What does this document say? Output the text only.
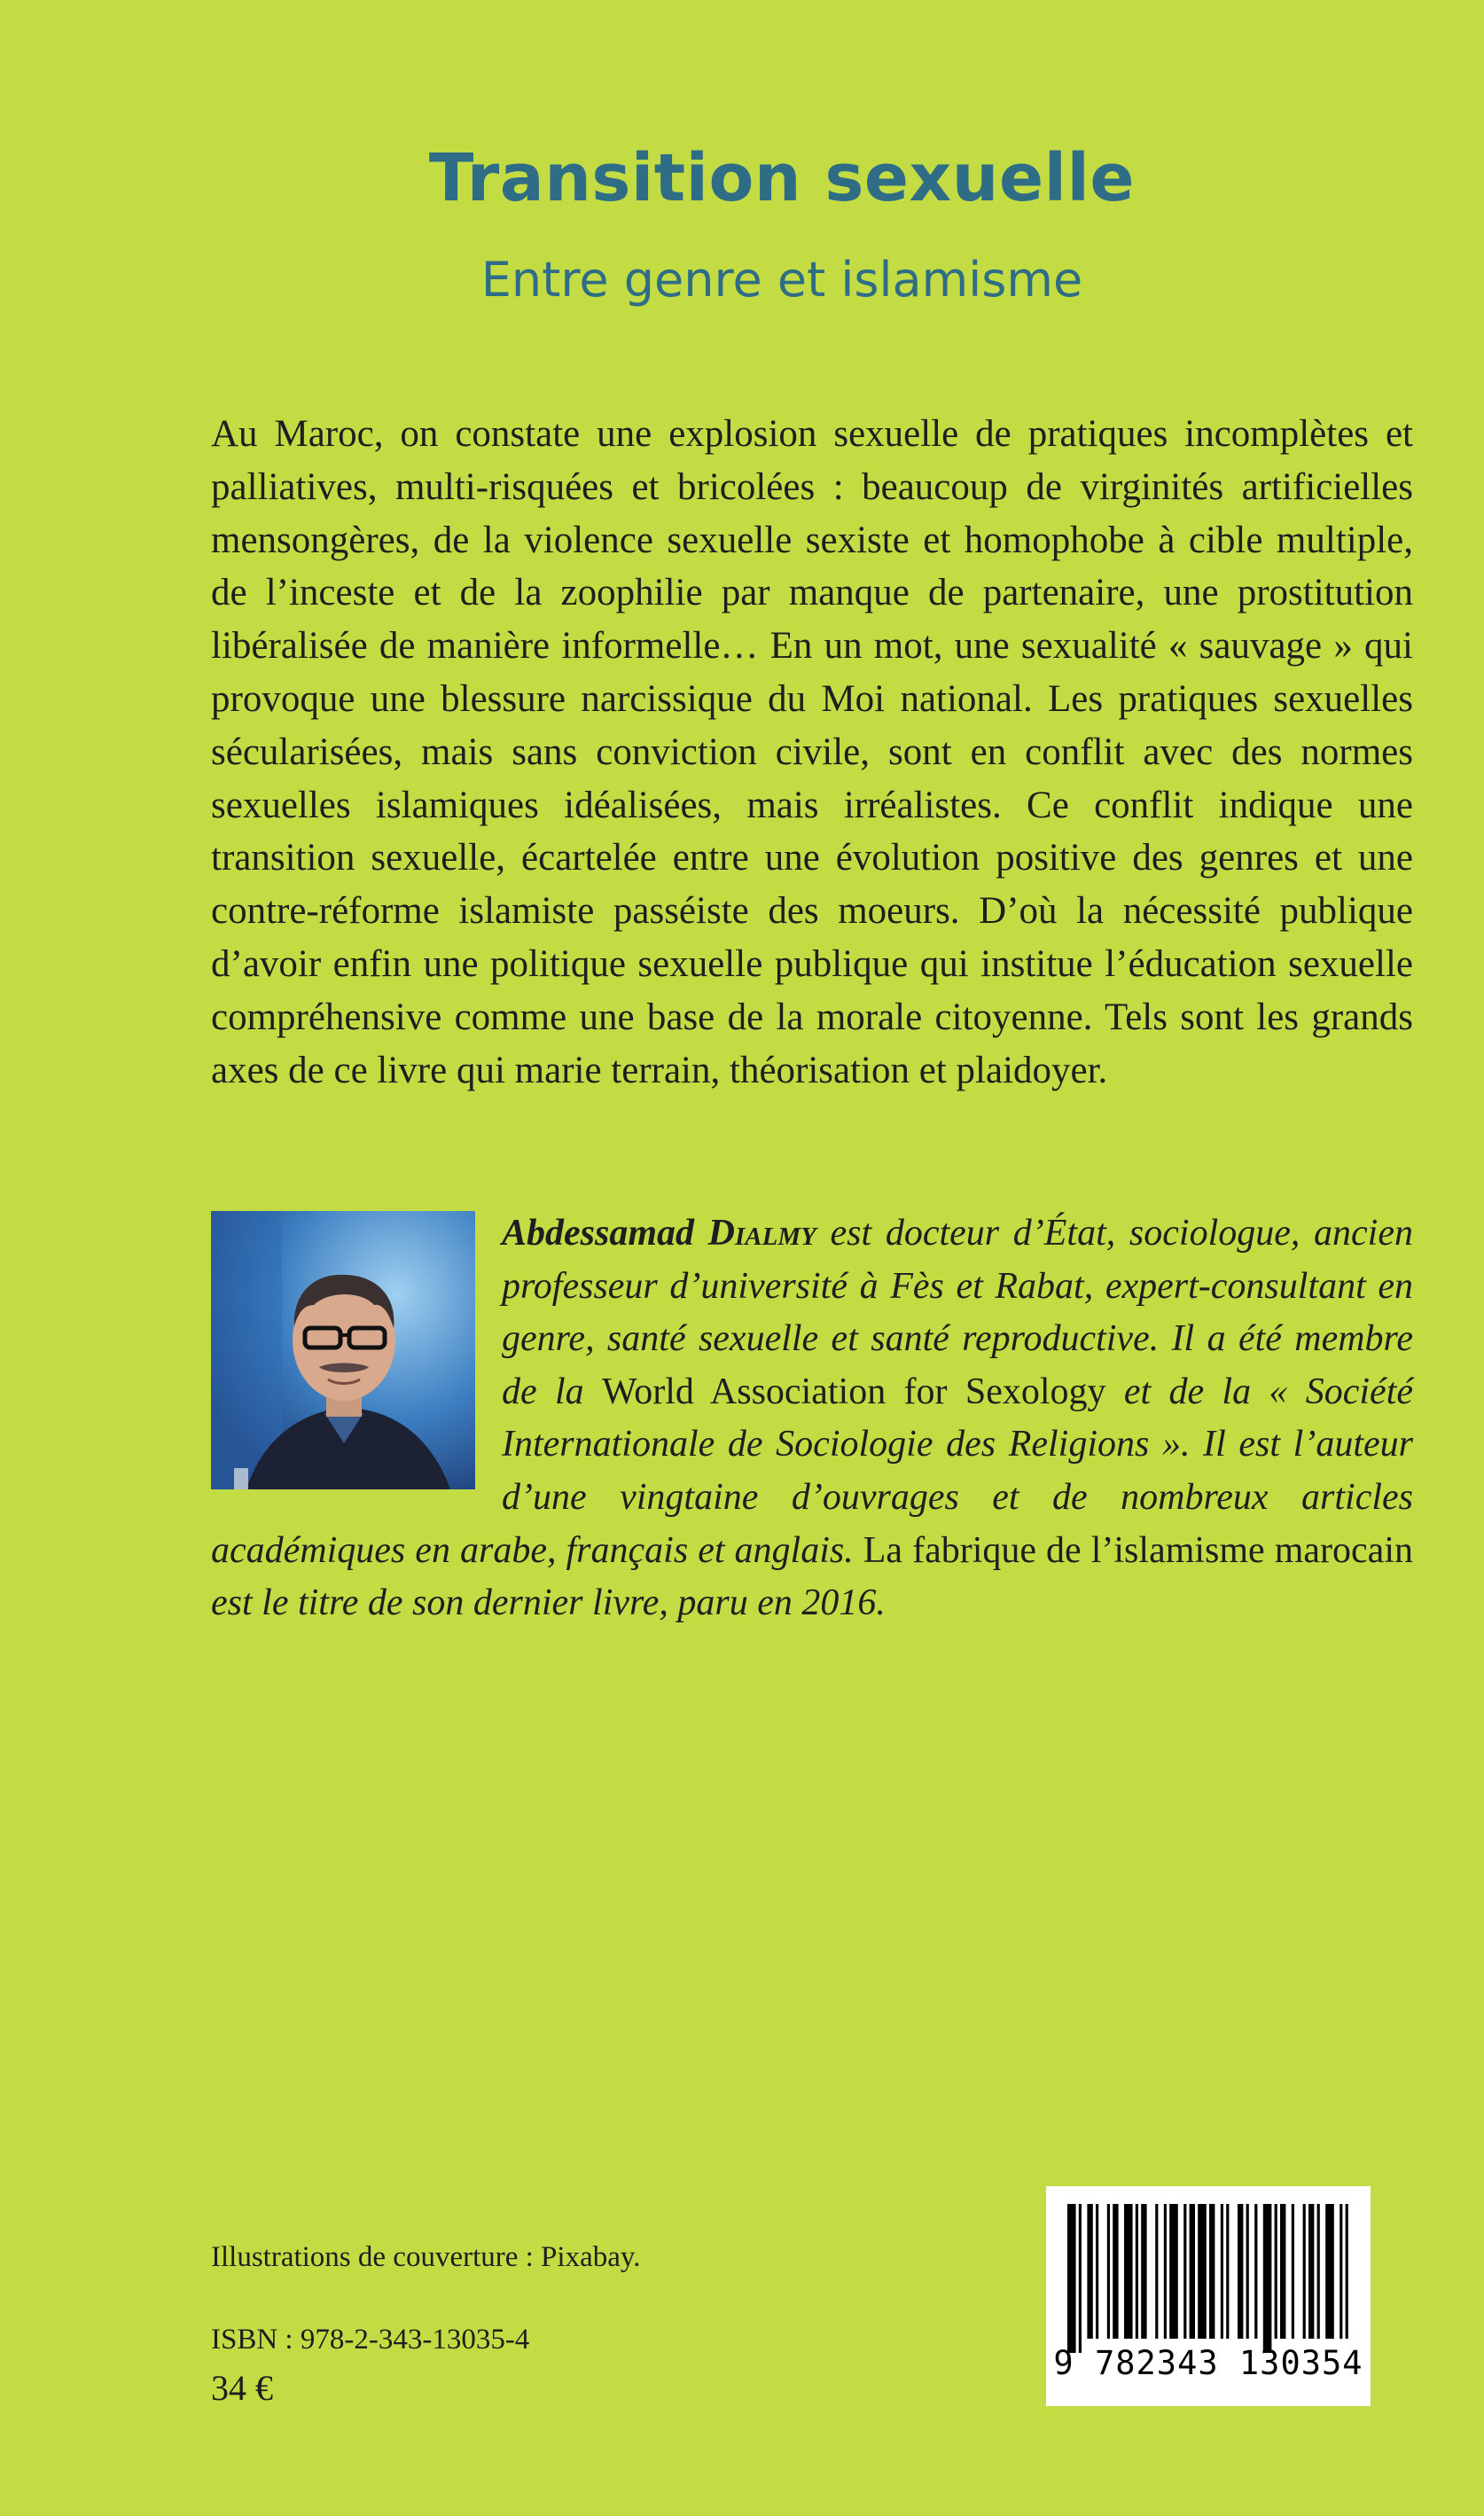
Transition sexuelle
Entre genre et islamisme

Au Maroc, on constate une explosion sexuelle de pratiques incomplètes et palliatives, multi-risquées et bricolées : beaucoup de virginités artificielles mensongères, de la violence sexuelle sexiste et homophobe à cible multiple, de l’inceste et de la zoophilie par manque de partenaire, une prostitution libéralisée de manière informelle… En un mot, une sexualité « sauvage » qui provoque une blessure narcissique du Moi national. Les pratiques sexuelles sécularisées, mais sans conviction civile, sont en conflit avec des normes sexuelles islamiques idéalisées, mais irréalistes. Ce conflit indique une transition sexuelle, écartelée entre une évolution positive des genres et une contre-réforme islamiste passéiste des moeurs. D’où la nécessité publique d’avoir enfin une politique sexuelle publique qui institue l’éducation sexuelle compréhensive comme une base de la morale citoyenne. Tels sont les grands axes de ce livre qui marie terrain, théorisation et plaidoyer.

Illustrations de couverture : Pixabay.
ISBN : 978-2-343-13035-4
34 €
9 782343 130354
Abdessamad Dialmy est docteur d’État, sociologue, ancien professeur d’université à Fès et Rabat, expert-consultant en genre, santé sexuelle et santé reproductive. Il a été membre de la World Association for Sexology et de la « Société Internationale de Sociologie des Religions ». Il est l’auteur d’une vingtaine d’ouvrages et de nombreux articles académiques en arabe, français et anglais. La fabrique de l’islamisme marocain est le titre de son dernier livre, paru en 2016.
